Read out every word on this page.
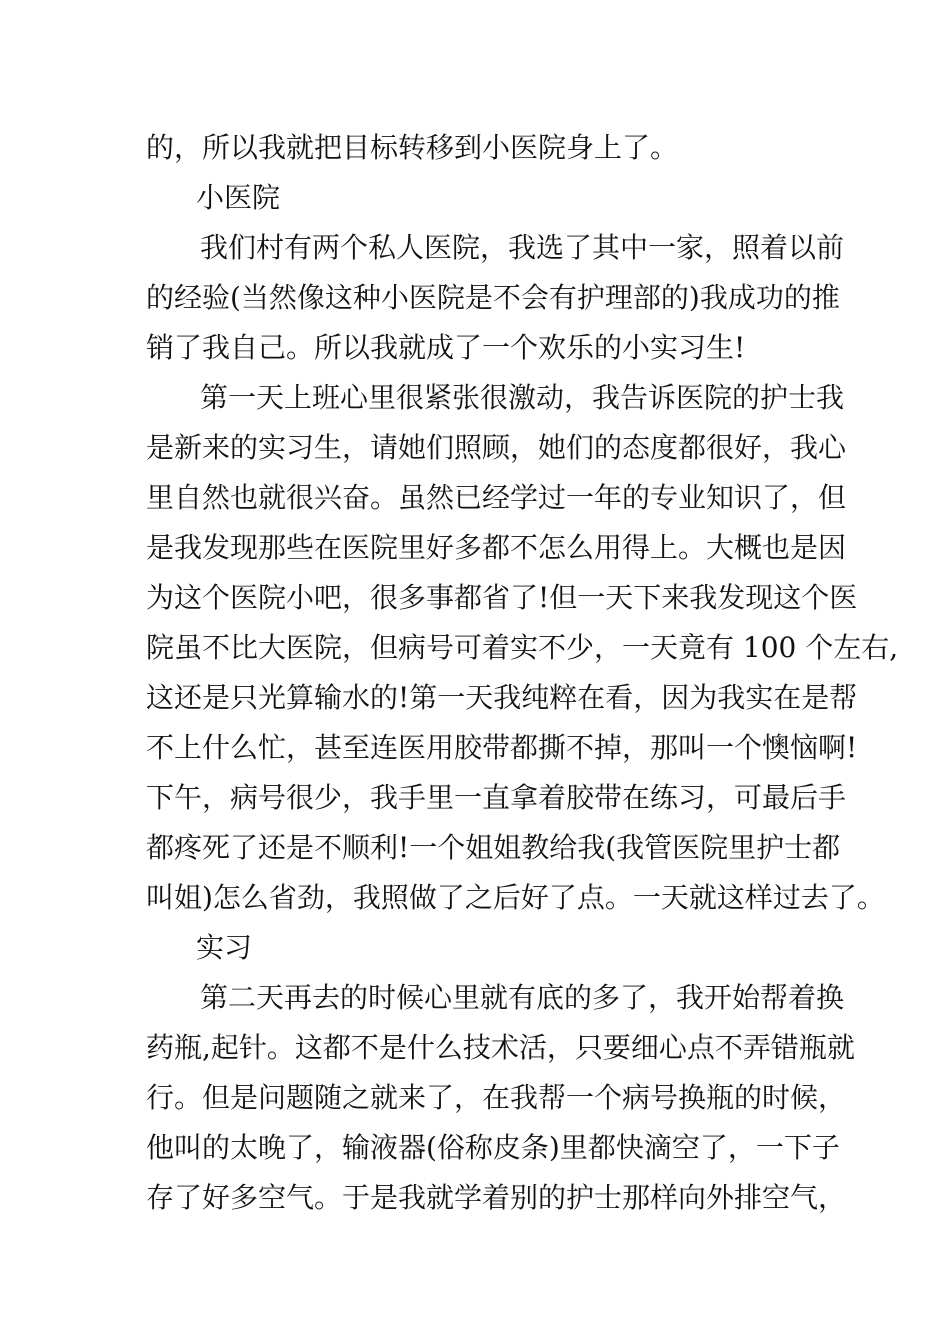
的，所以我就把目标转移到小医院身上了。
小医院
我们村有两个私人医院，我选了其中一家，照着以前
的经验(当然像这种小医院是不会有护理部的)我成功的推
销了我自己。所以我就成了一个欢乐的小实习生!
第一天上班心里很紧张很激动，我告诉医院的护士我
是新来的实习生，请她们照顾，她们的态度都很好，我心
里自然也就很兴奋。虽然已经学过一年的专业知识了，但
是我发现那些在医院里好多都不怎么用得上。大概也是因
为这个医院小吧，很多事都省了!但一天下来我发现这个医
院虽不比大医院，但病号可着实不少，一天竟有 100 个左右,
这还是只光算输水的!第一天我纯粹在看，因为我实在是帮
不上什么忙，甚至连医用胶带都撕不掉，那叫一个懊恼啊!
下午，病号很少，我手里一直拿着胶带在练习，可最后手
都疼死了还是不顺利!一个姐姐教给我(我管医院里护士都
叫姐)怎么省劲，我照做了之后好了点。一天就这样过去了。
实习
第二天再去的时候心里就有底的多了，我开始帮着换
药瓶,起针。这都不是什么技术活，只要细心点不弄错瓶就
行。但是问题随之就来了，在我帮一个病号换瓶的时候，
他叫的太晚了，输液器(俗称皮条)里都快滴空了，一下子
存了好多空气。于是我就学着别的护士那样向外排空气，
